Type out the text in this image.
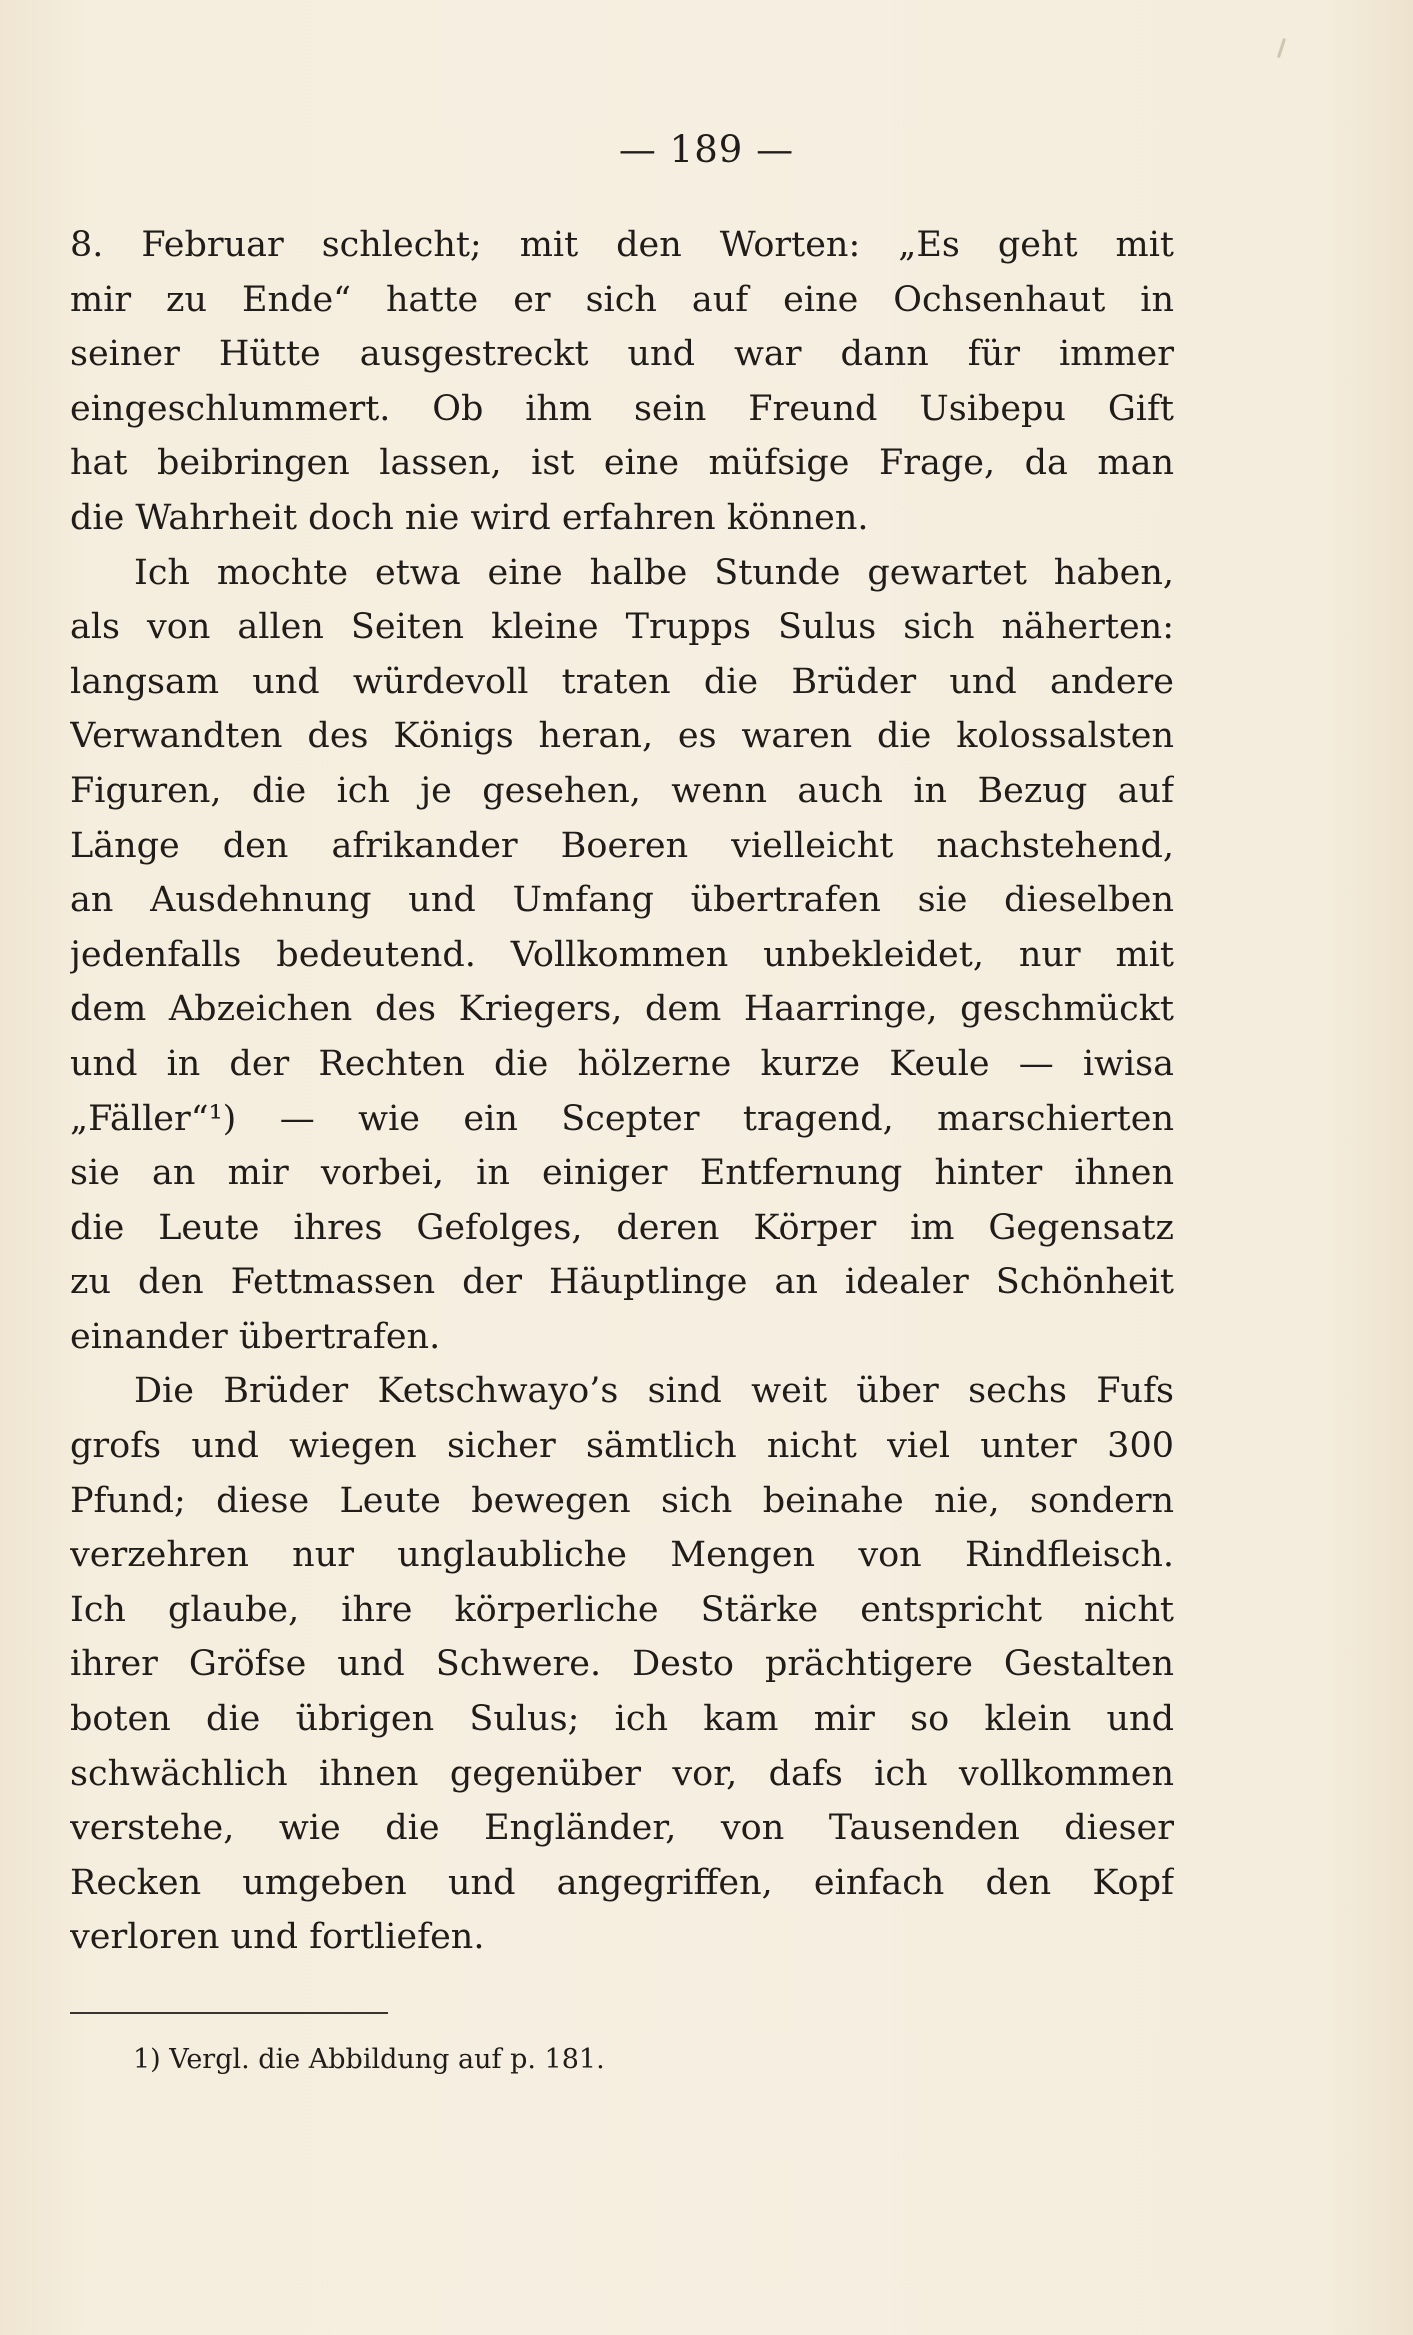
— 189 —
8. Februar schlecht; mit den Worten: „Es geht mit
mir zu Ende“ hatte er sich auf eine Ochsenhaut in
seiner Hütte ausgestreckt und war dann für immer
eingeschlummert. Ob ihm sein Freund Usibepu Gift
hat beibringen lassen, ist eine müfsige Frage, da man
die Wahrheit doch nie wird erfahren können.
Ich mochte etwa eine halbe Stunde gewartet haben,
als von allen Seiten kleine Trupps Sulus sich näherten:
langsam und würdevoll traten die Brüder und andere
Verwandten des Königs heran, es waren die kolossalsten
Figuren, die ich je gesehen, wenn auch in Bezug auf
Länge den afrikander Boeren vielleicht nachstehend,
an Ausdehnung und Umfang übertrafen sie dieselben
jedenfalls bedeutend. Vollkommen unbekleidet, nur mit
dem Abzeichen des Kriegers, dem Haarringe, geschmückt
und in der Rechten die hölzerne kurze Keule — iwisa
„Fäller“¹) — wie ein Scepter tragend, marschierten
sie an mir vorbei, in einiger Entfernung hinter ihnen
die Leute ihres Gefolges, deren Körper im Gegensatz
zu den Fettmassen der Häuptlinge an idealer Schönheit
einander übertrafen.
Die Brüder Ketschwayo’s sind weit über sechs Fufs
grofs und wiegen sicher sämtlich nicht viel unter 300
Pfund; diese Leute bewegen sich beinahe nie, sondern
verzehren nur unglaubliche Mengen von Rindfleisch.
Ich glaube, ihre körperliche Stärke entspricht nicht
ihrer Gröfse und Schwere. Desto prächtigere Gestalten
boten die übrigen Sulus; ich kam mir so klein und
schwächlich ihnen gegenüber vor, dafs ich vollkommen
verstehe, wie die Engländer, von Tausenden dieser
Recken umgeben und angegriffen, einfach den Kopf
verloren und fortliefen.
1) Vergl. die Abbildung auf p. 181.
